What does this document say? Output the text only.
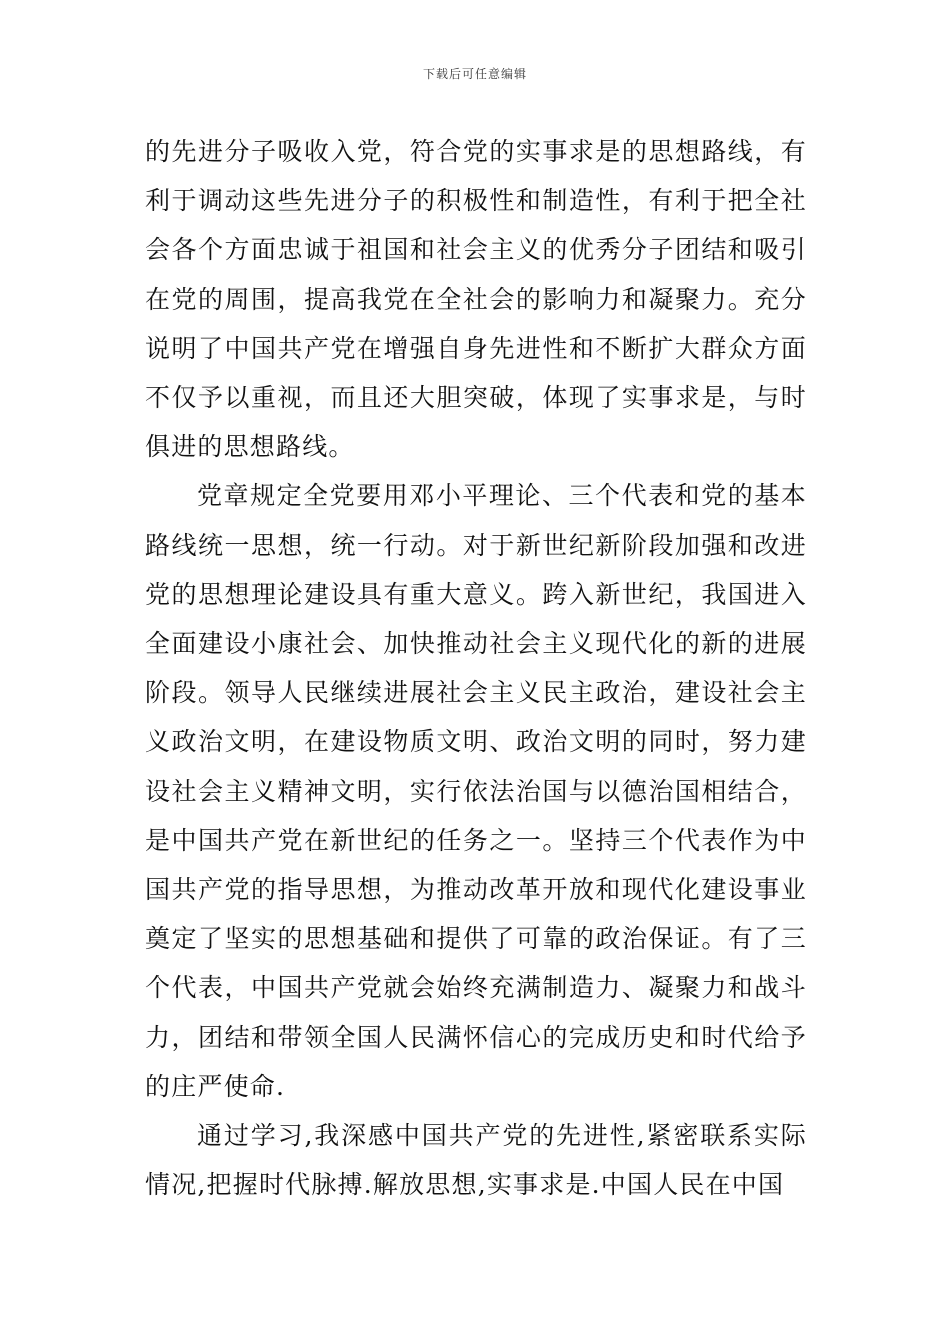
下载后可任意编辑

的先进分子吸收入党，符合党的实事求是的思想路线，有利于调动这些先进分子的积极性和制造性，有利于把全社会各个方面忠诚于祖国和社会主义的优秀分子团结和吸引在党的周围，提高我党在全社会的影响力和凝聚力。充分说明了中国共产党在增强自身先进性和不断扩大群众方面不仅予以重视，而且还大胆突破，体现了实事求是，与时俱进的思想路线。

党章规定全党要用邓小平理论、三个代表和党的基本路线统一思想，统一行动。对于新世纪新阶段加强和改进党的思想理论建设具有重大意义。跨入新世纪，我国进入全面建设小康社会、加快推动社会主义现代化的新的进展阶段。领导人民继续进展社会主义民主政治，建设社会主义政治文明，在建设物质文明、政治文明的同时，努力建设社会主义精神文明，实行依法治国与以德治国相结合，是中国共产党在新世纪的任务之一。坚持三个代表作为中国共产党的指导思想，为推动改革开放和现代化建设事业奠定了坚实的思想基础和提供了可靠的政治保证。有了三个代表，中国共产党就会始终充满制造力、凝聚力和战斗力，团结和带领全国人民满怀信心的完成历史和时代给予的庄严使命.

通过学习,我深感中国共产党的先进性,紧密联系实际情况,把握时代脉搏.解放思想,实事求是.中国人民在中国
